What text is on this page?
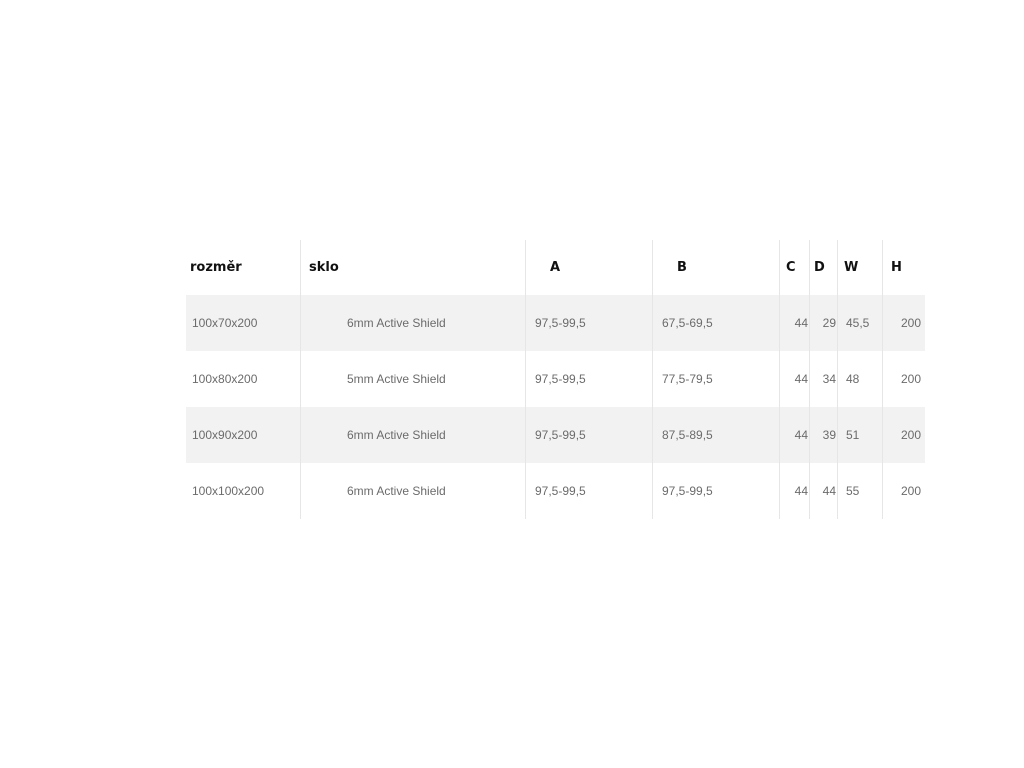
rozměr	sklo	A	B	C	D	W	H
100x70x200	6mm Active Shield	97,5-99,5	67,5-69,5	44	29	45,5	200
100x80x200	5mm Active Shield	97,5-99,5	77,5-79,5	44	34	48	200
100x90x200	6mm Active Shield	97,5-99,5	87,5-89,5	44	39	51	200
100x100x200	6mm Active Shield	97,5-99,5	97,5-99,5	44	44	55	200
